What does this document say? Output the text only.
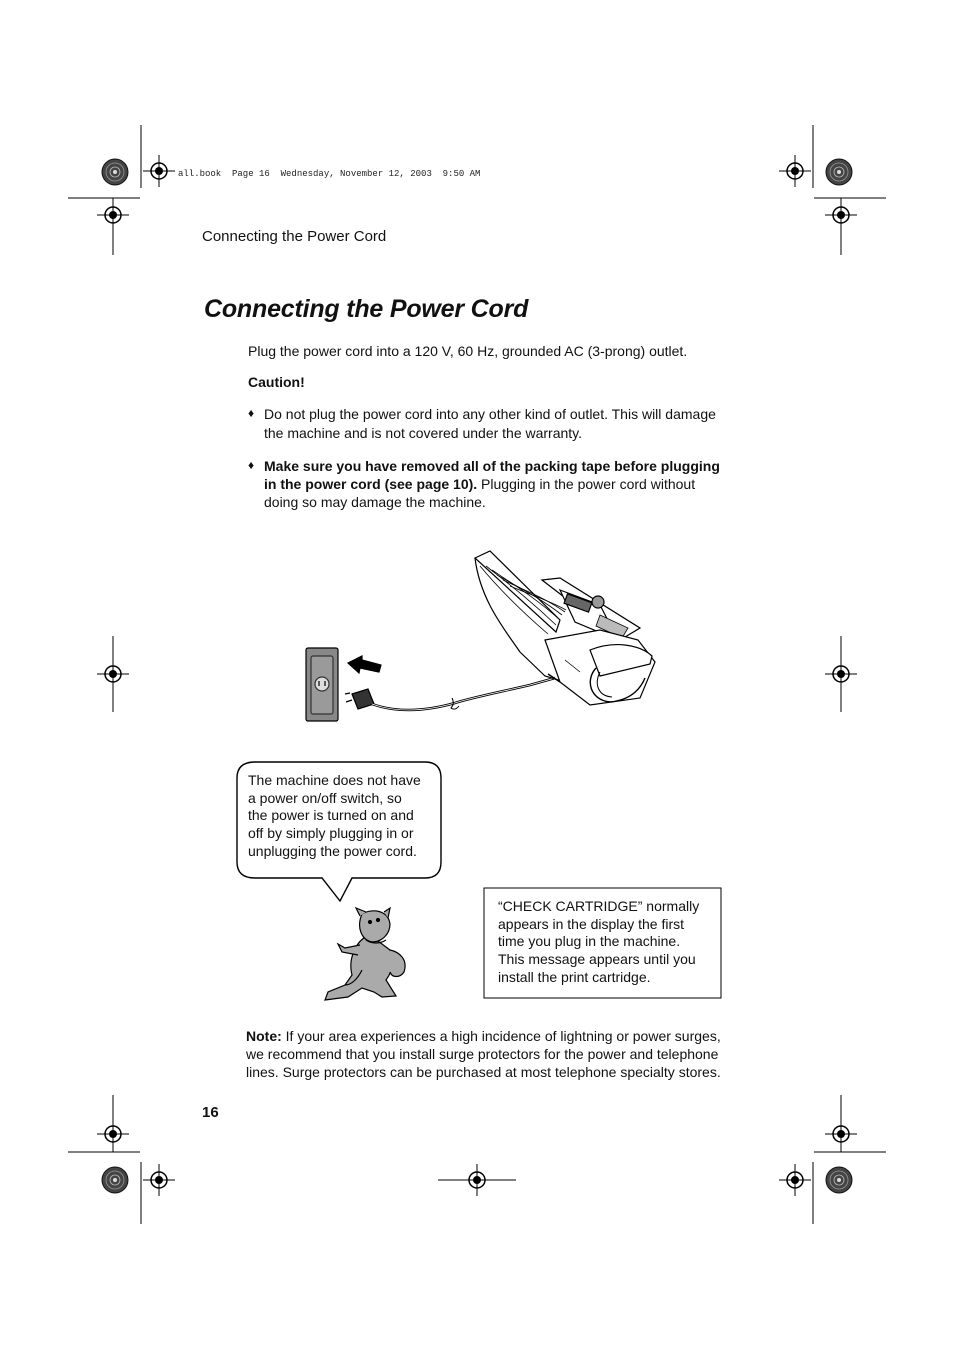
all.book  Page 16  Wednesday, November 12, 2003  9:50 AM
Connecting the Power Cord
Connecting the Power Cord
Plug the power cord into a 120 V, 60 Hz, grounded AC (3-prong) outlet.
Caution!
♦ Do not plug the power cord into any other kind of outlet. This will damage
the machine and is not covered under the warranty.
♦ Make sure you have removed all of the packing tape before plugging
in the power cord (see page 10). Plugging in the power cord without
doing so may damage the machine.
The machine does not have
a power on/off switch, so
the power is turned on and
off by simply plugging in or
unplugging the power cord.
“CHECK CARTRIDGE” normally
appears in the display the first
time you plug in the machine.
This message appears until you
install the print cartridge.
Note: If your area experiences a high incidence of lightning or power surges,
we recommend that you install surge protectors for the power and telephone
lines. Surge protectors can be purchased at most telephone specialty stores.
16
